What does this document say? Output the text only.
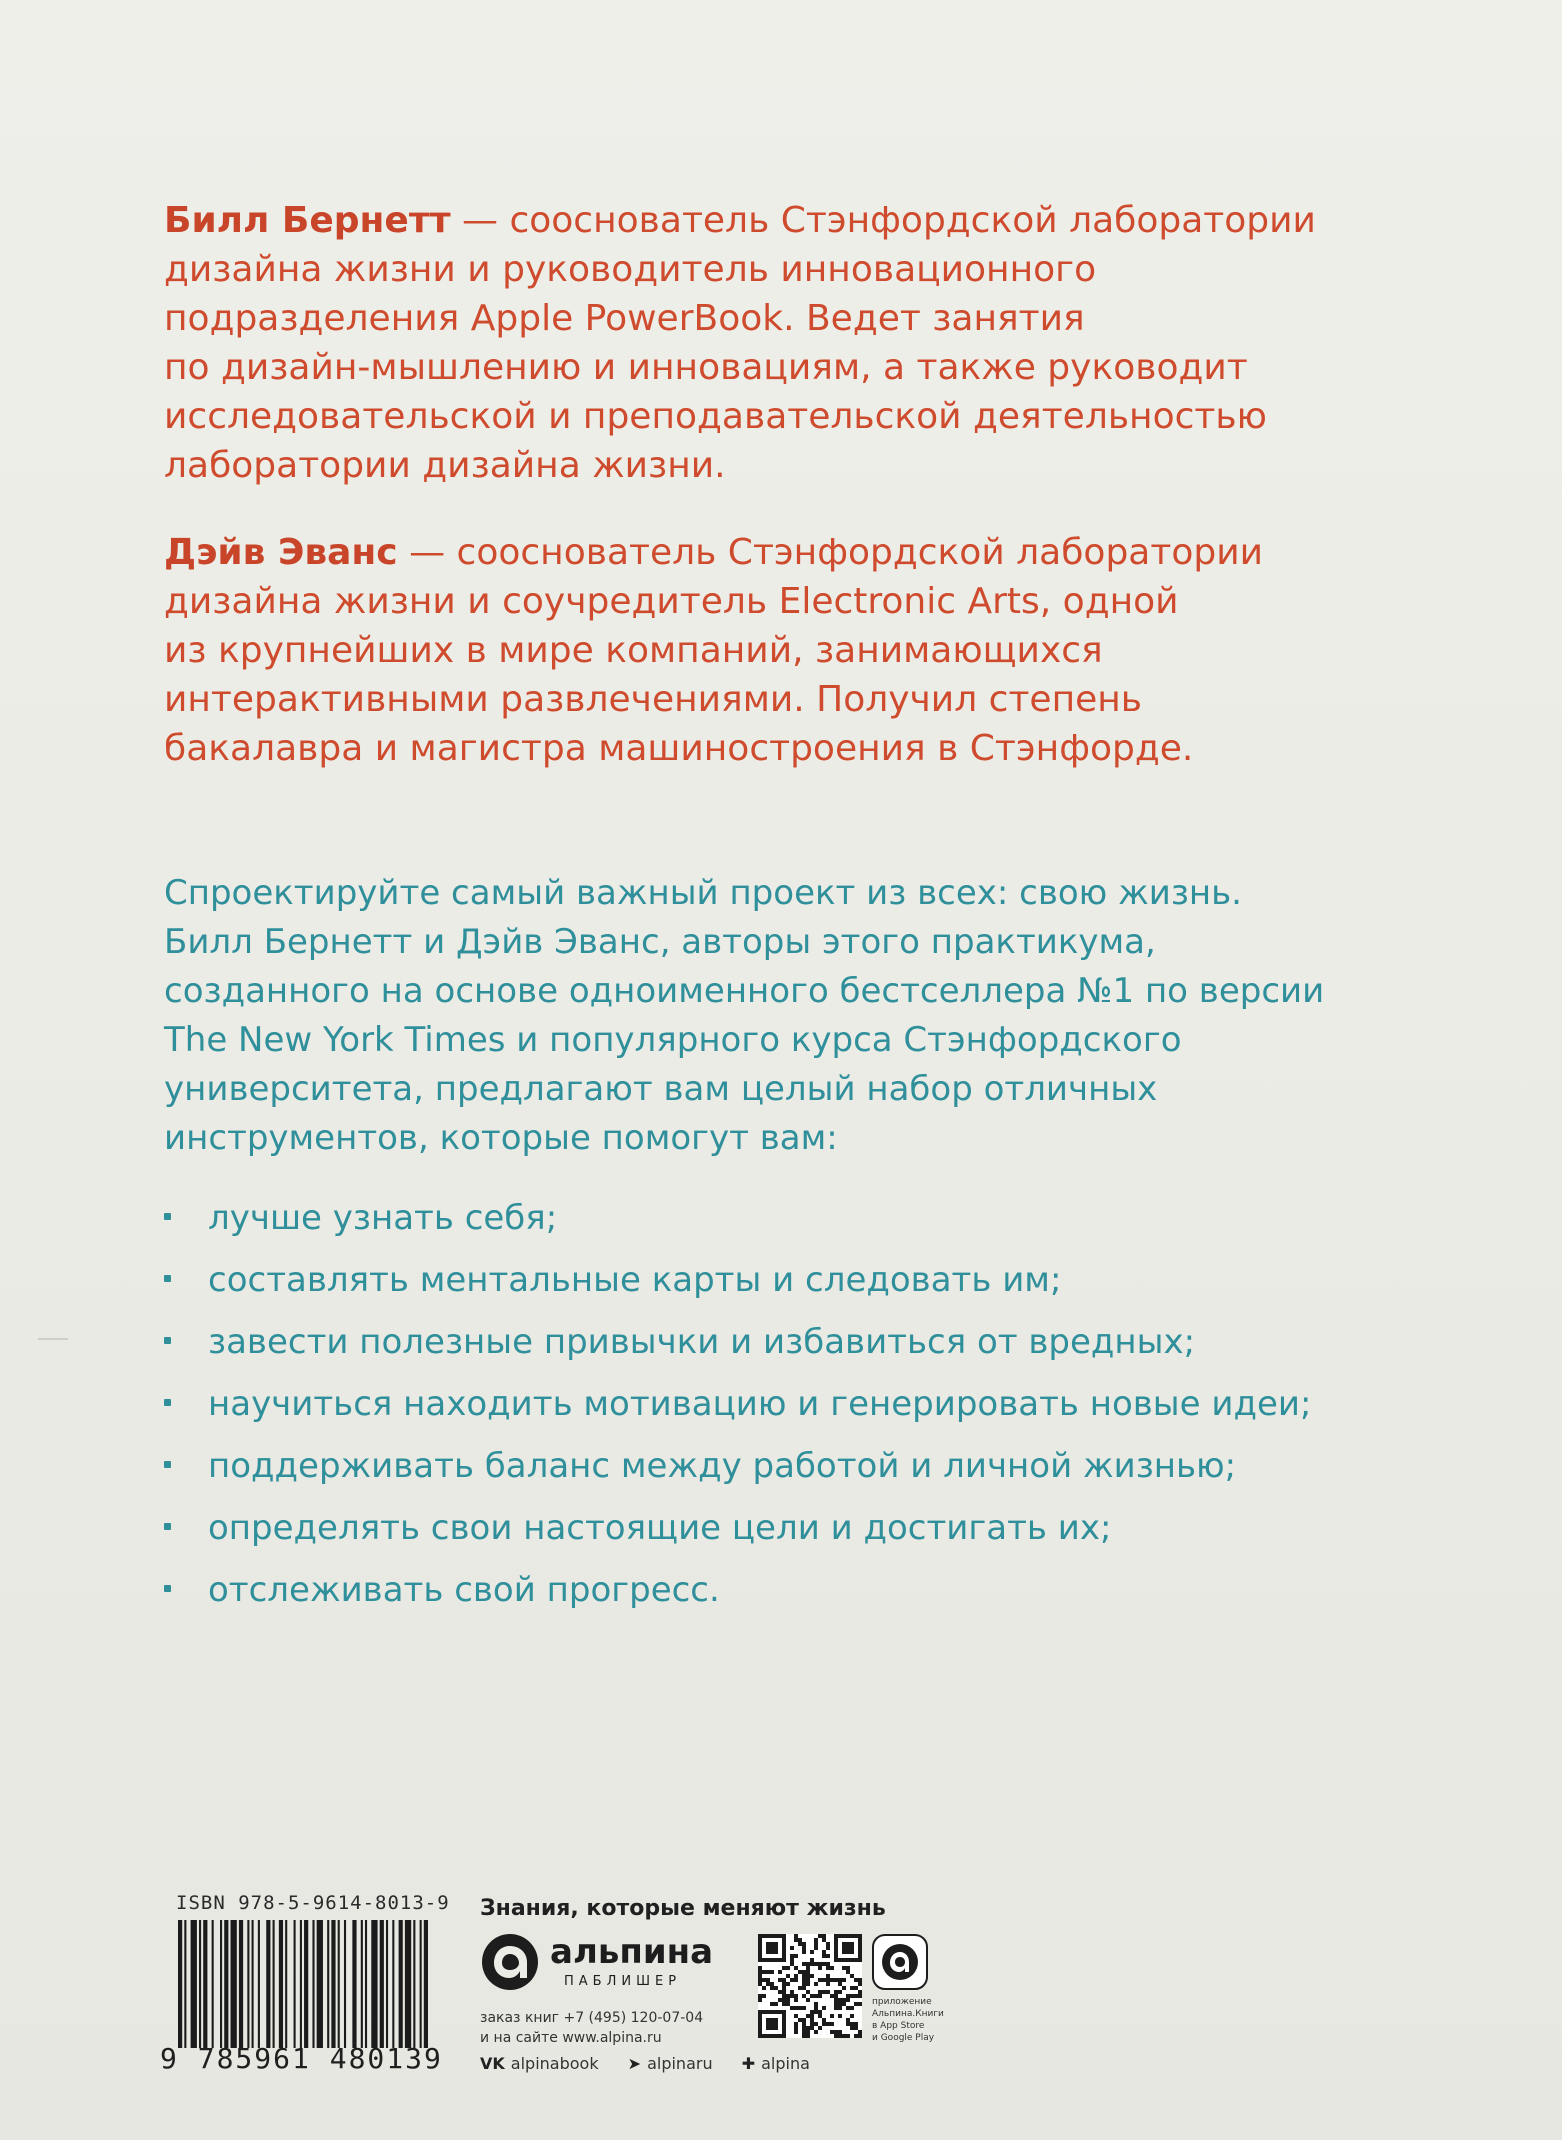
Билл Бернетт — сооснователь Стэнфордской лаборатории
дизайна жизни и руководитель инновационного
подразделения Apple PowerBook. Ведет занятия
по дизайн-мышлению и инновациям, а также руководит
исследовательской и преподавательской деятельностью
лаборатории дизайна жизни.

Дэйв Эванс — сооснователь Стэнфордской лаборатории
дизайна жизни и соучредитель Electronic Arts, одной
из крупнейших в мире компаний, занимающихся
интерактивными развлечениями. Получил степень
бакалавра и магистра машиностроения в Стэнфорде.

Спроектируйте самый важный проект из всех: свою жизнь.
Билл Бернетт и Дэйв Эванс, авторы этого практикума,
созданного на основе одноименного бестселлера №1 по версии
The New York Times и популярного курса Стэнфордского
университета, предлагают вам целый набор отличных
инструментов, которые помогут вам:

лучше узнать себя;
составлять ментальные карты и следовать им;
завести полезные привычки и избавиться от вредных;
научиться находить мотивацию и генерировать новые идеи;
поддерживать баланс между работой и личной жизнью;
определять свои настоящие цели и достигать их;
отслеживать свой прогресс.
ISBN 978-5-9614-8013-9
9 785961 480139
Знания, которые меняют жизнь
альпина
ПАБЛИШЕР
заказ книг +7 (495) 120-07-04
и на сайте www.alpina.ru
VK alpinabook ➤ alpinaru ✚ alpina
приложение
Альпина.Книги
в App Store
и Google Play
